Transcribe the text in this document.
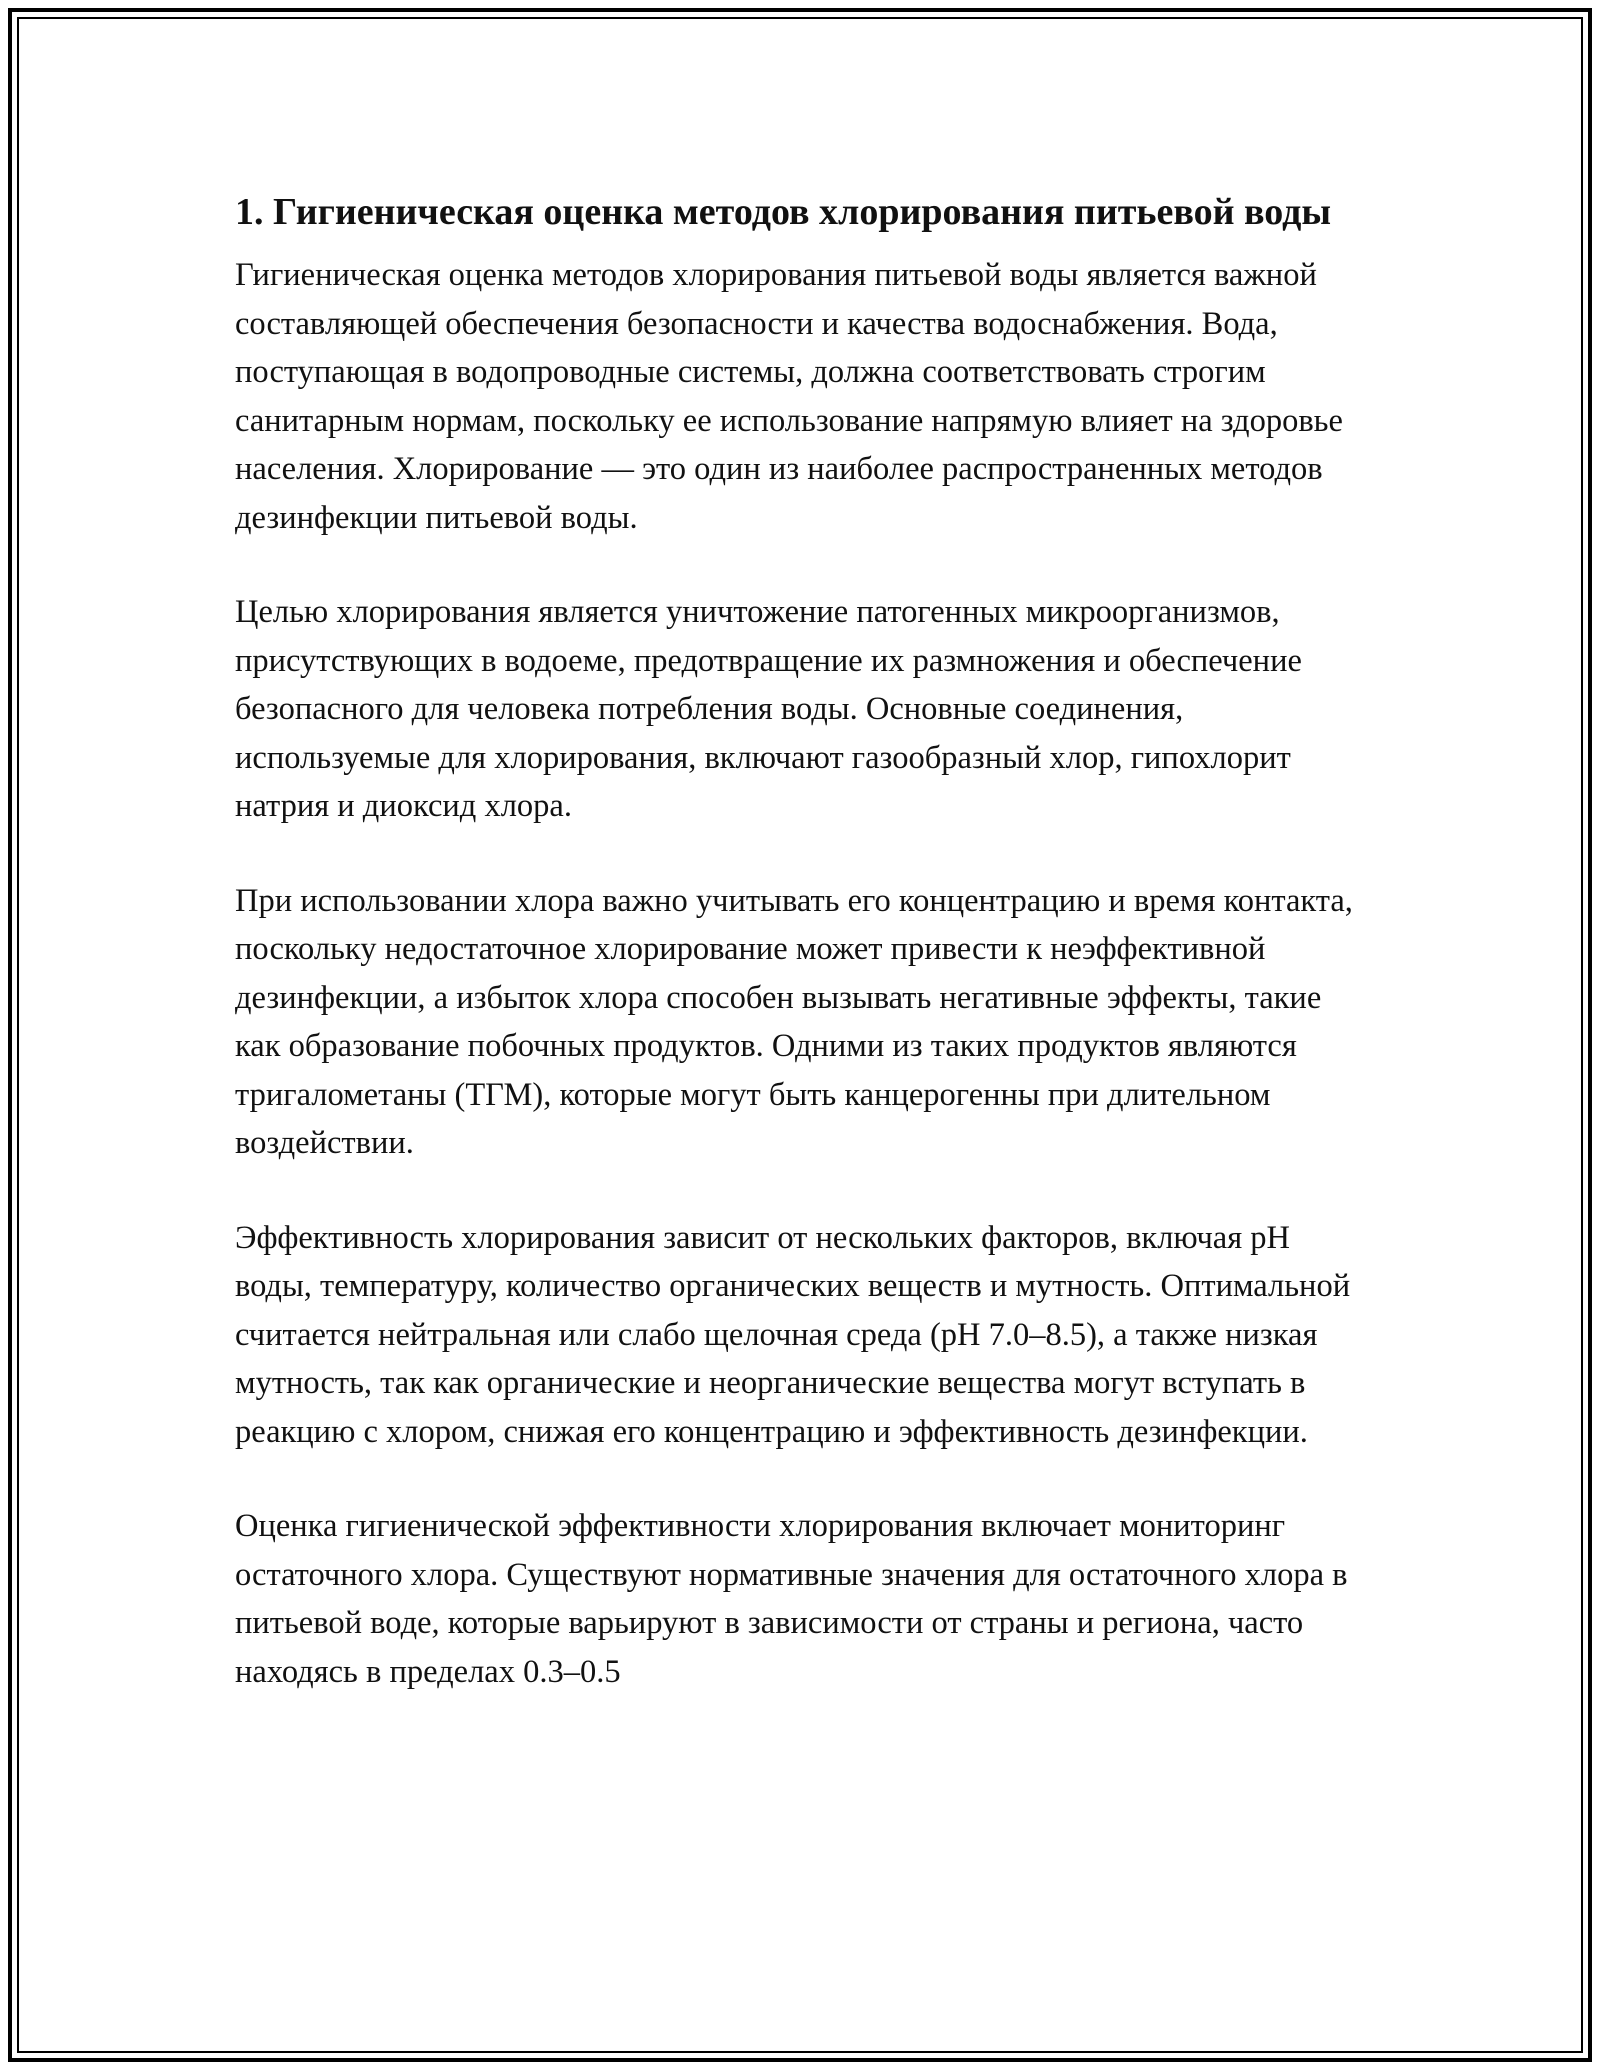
1. Гигиеническая оценка методов хлорирования питьевой воды

Гигиеническая оценка методов хлорирования питьевой воды является важной составляющей обеспечения безопасности и качества водоснабжения. Вода, поступающая в водопроводные системы, должна соответствовать строгим санитарным нормам, поскольку ее использование напрямую влияет на здоровье населения. Хлорирование — это один из наиболее распространенных методов дезинфекции питьевой воды.

Целью хлорирования является уничтожение патогенных микроорганизмов, присутствующих в водоеме, предотвращение их размножения и обеспечение безопасного для человека потребления воды. Основные соединения, используемые для хлорирования, включают газообразный хлор, гипохлорит натрия и диоксид хлора.

При использовании хлора важно учитывать его концентрацию и время контакта, поскольку недостаточное хлорирование может привести к неэффективной дезинфекции, а избыток хлора способен вызывать негативные эффекты, такие как образование побочных продуктов. Одними из таких продуктов являются тригалометаны (ТГМ), которые могут быть канцерогенны при длительном воздействии.

Эффективность хлорирования зависит от нескольких факторов, включая pH воды, температуру, количество органических веществ и мутность. Оптимальной считается нейтральная или слабо щелочная среда (pH 7.0–8.5), а также низкая мутность, так как органические и неорганические вещества могут вступать в реакцию с хлором, снижая его концентрацию и эффективность дезинфекции.

Оценка гигиенической эффективности хлорирования включает мониторинг остаточного хлора. Существуют нормативные значения для остаточного хлора в питьевой воде, которые варьируют в зависимости от страны и региона, часто находясь в пределах 0.3–0.5
